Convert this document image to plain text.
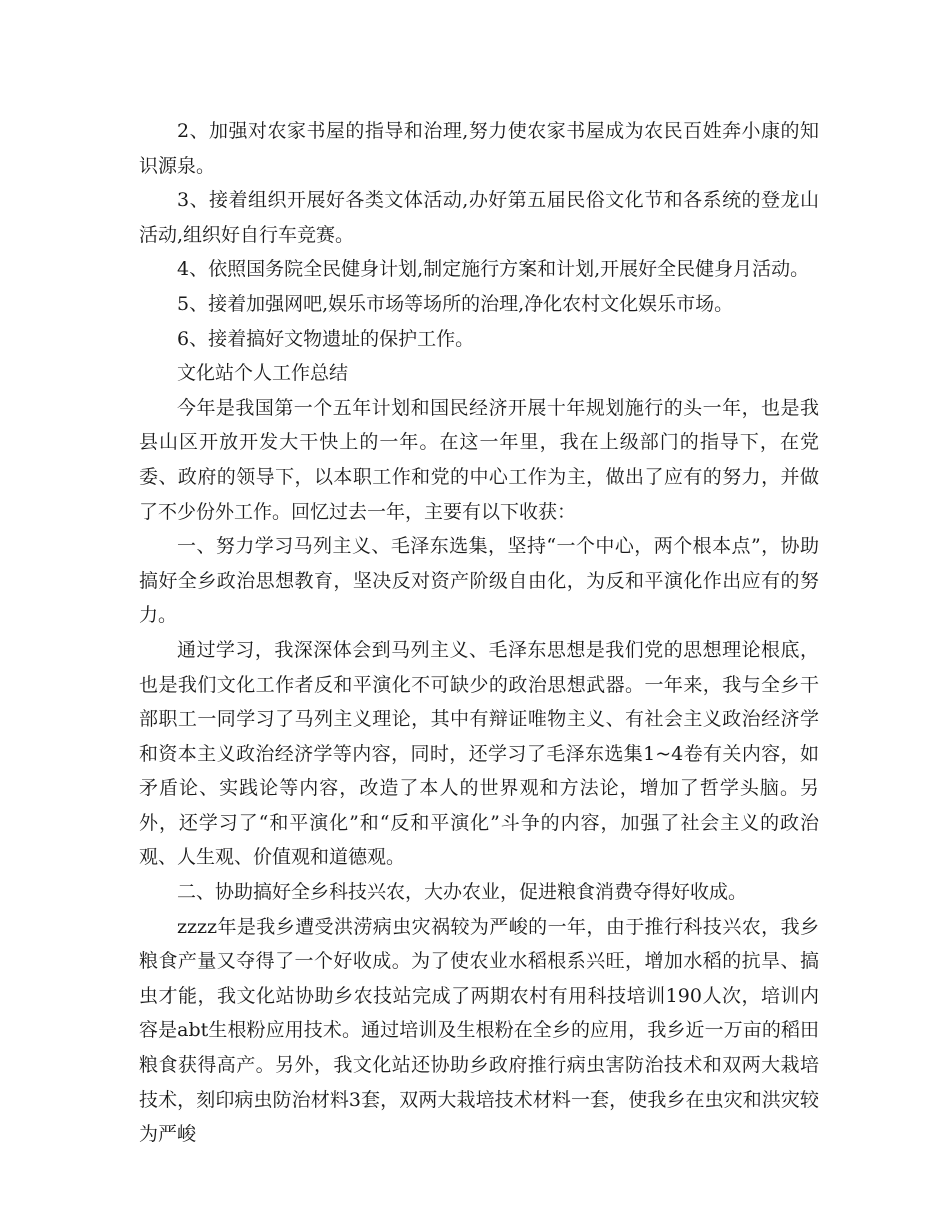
2、加强对农家书屋的指导和治理,努力使农家书屋成为农民百姓奔小康的知识源泉。

3、接着组织开展好各类文体活动,办好第五届民俗文化节和各系统的登龙山活动,组织好自行车竞赛。

4、依照国务院全民健身计划,制定施行方案和计划,开展好全民健身月活动。

5、接着加强网吧,娱乐市场等场所的治理,净化农村文化娱乐市场。

6、接着搞好文物遗址的保护工作。

文化站个人工作总结

今年是我国第一个五年计划和国民经济开展十年规划施行的头一年，也是我县山区开放开发大干快上的一年。在这一年里，我在上级部门的指导下，在党委、政府的领导下，以本职工作和党的中心工作为主，做出了应有的努力，并做了不少份外工作。回忆过去一年，主要有以下收获：

一、努力学习马列主义、毛泽东选集，坚持“一个中心，两个根本点”，协助搞好全乡政治思想教育，坚决反对资产阶级自由化，为反和平演化作出应有的努力。

通过学习，我深深体会到马列主义、毛泽东思想是我们党的思想理论根底，也是我们文化工作者反和平演化不可缺少的政治思想武器。一年来，我与全乡干部职工一同学习了马列主义理论，其中有辩证唯物主义、有社会主义政治经济学和资本主义政治经济学等内容，同时，还学习了毛泽东选集1~4卷有关内容，如矛盾论、实践论等内容，改造了本人的世界观和方法论，增加了哲学头脑。另外，还学习了“和平演化”和“反和平演化”斗争的内容，加强了社会主义的政治观、人生观、价值观和道德观。

二、协助搞好全乡科技兴农，大办农业，促进粮食消费夺得好收成。

zzzz年是我乡遭受洪涝病虫灾祸较为严峻的一年，由于推行科技兴农，我乡粮食产量又夺得了一个好收成。为了使农业水稻根系兴旺，增加水稻的抗旱、搞虫才能，我文化站协助乡农技站完成了两期农村有用科技培训190人次，培训内容是abt生根粉应用技术。通过培训及生根粉在全乡的应用，我乡近一万亩的稻田粮食获得高产。另外，我文化站还协助乡政府推行病虫害防治技术和双两大栽培技术，刻印病虫防治材料3套，双两大栽培技术材料一套，使我乡在虫灾和洪灾较为严峻
